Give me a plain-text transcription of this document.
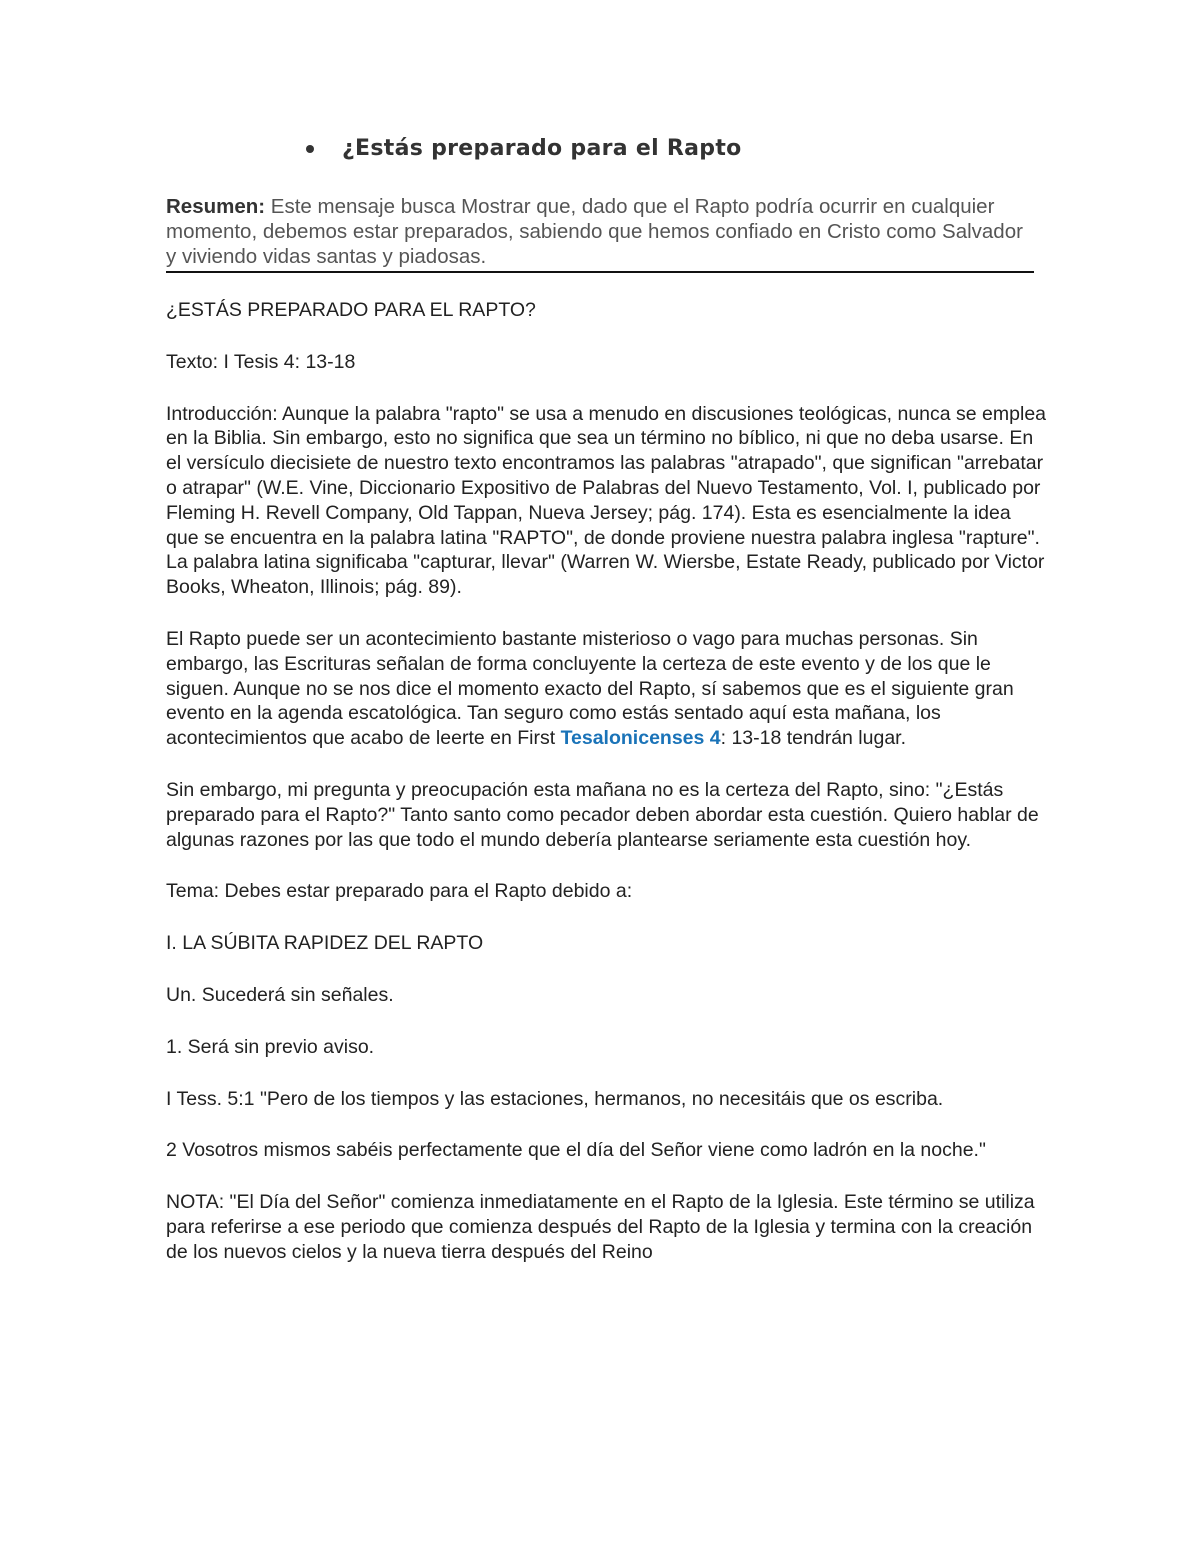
¿Estás preparado para el Rapto
Resumen: Este mensaje busca Mostrar que, dado que el Rapto podría ocurrir en cualquier momento, debemos estar preparados, sabiendo que hemos confiado en Cristo como Salvador y viviendo vidas santas y piadosas.

¿ESTÁS PREPARADO PARA EL RAPTO?

Texto: I Tesis 4: 13-18

Introducción: Aunque la palabra "rapto" se usa a menudo en discusiones teológicas, nunca se emplea en la Biblia. Sin embargo, esto no significa que sea un término no bíblico, ni que no deba usarse. En el versículo diecisiete de nuestro texto encontramos las palabras "atrapado", que significan "arrebatar o atrapar" (W.E. Vine, Diccionario Expositivo de Palabras del Nuevo Testamento, Vol. I, publicado por Fleming H. Revell Company, Old Tappan, Nueva Jersey; pág. 174). Esta es esencialmente la idea que se encuentra en la palabra latina "RAPTO", de donde proviene nuestra palabra inglesa "rapture". La palabra latina significaba "capturar, llevar" (Warren W. Wiersbe, Estate Ready, publicado por Victor Books, Wheaton, Illinois; pág. 89).

El Rapto puede ser un acontecimiento bastante misterioso o vago para muchas personas. Sin embargo, las Escrituras señalan de forma concluyente la certeza de este evento y de los que le siguen. Aunque no se nos dice el momento exacto del Rapto, sí sabemos que es el siguiente gran evento en la agenda escatológica. Tan seguro como estás sentado aquí esta mañana, los acontecimientos que acabo de leerte en First Tesalonicenses 4: 13-18 tendrán lugar.

Sin embargo, mi pregunta y preocupación esta mañana no es la certeza del Rapto, sino: "¿Estás preparado para el Rapto?" Tanto santo como pecador deben abordar esta cuestión. Quiero hablar de algunas razones por las que todo el mundo debería plantearse seriamente esta cuestión hoy.

Tema: Debes estar preparado para el Rapto debido a:

I. LA SÚBITA RAPIDEZ DEL RAPTO

Un. Sucederá sin señales.

1. Será sin previo aviso.

I Tess. 5:1 "Pero de los tiempos y las estaciones, hermanos, no necesitáis que os escriba.

2 Vosotros mismos sabéis perfectamente que el día del Señor viene como ladrón en la noche."

NOTA: "El Día del Señor" comienza inmediatamente en el Rapto de la Iglesia. Este término se utiliza para referirse a ese periodo que comienza después del Rapto de la Iglesia y termina con la creación de los nuevos cielos y la nueva tierra después del Reino
